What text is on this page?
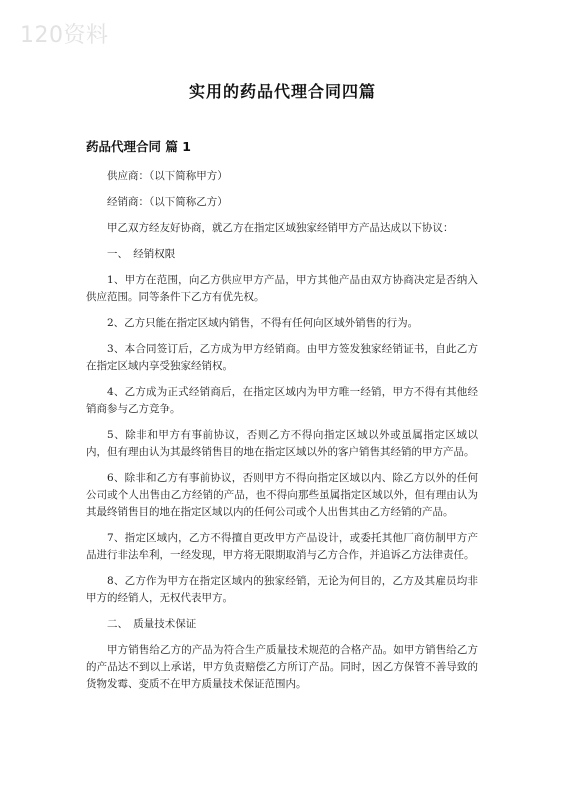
120资料
实用的药品代理合同四篇
药品代理合同 篇 1

供应商：（以下简称甲方）

经销商：（以下简称乙方）

甲乙双方经友好协商，就乙方在指定区域独家经销甲方产品达成以下协议：

一、　经销权限

1、甲方在范围，向乙方供应甲方产品，甲方其他产品由双方协商决定是否纳入供应范围。同等条件下乙方有优先权。

2、乙方只能在指定区域内销售，不得有任何向区域外销售的行为。

3、本合同签订后，乙方成为甲方经销商。由甲方签发独家经销证书，自此乙方在指定区域内享受独家经销权。

4、乙方成为正式经销商后，在指定区域内为甲方唯一经销，甲方不得有其他经销商参与乙方竞争。

5、除非和甲方有事前协议，否则乙方不得向指定区域以外或虽属指定区域以内，但有理由认为其最终销售目的地在指定区域以外的客户销售其经销的甲方产品。

6、除非和乙方有事前协议，否则甲方不得向指定区域以内、除乙方以外的任何公司或个人出售由乙方经销的产品，也不得向那些虽属指定区域以外，但有理由认为其最终销售目的地在指定区域以内的任何公司或个人出售其由乙方经销的产品。

7、指定区域内，乙方不得擅自更改甲方产品设计，或委托其他厂商仿制甲方产品进行非法牟利，一经发现，甲方将无限期取消与乙方合作，并追诉乙方法律责任。

8、乙方作为甲方在指定区域内的独家经销，无论为何目的，乙方及其雇员均非甲方的经销人，无权代表甲方。

二、　质量技术保证

甲方销售给乙方的产品为符合生产质量技术规范的合格产品。如甲方销售给乙方的产品达不到以上承诺，甲方负责赔偿乙方所订产品。同时，因乙方保管不善导致的货物发霉、变质不在甲方质量技术保证范围内。
